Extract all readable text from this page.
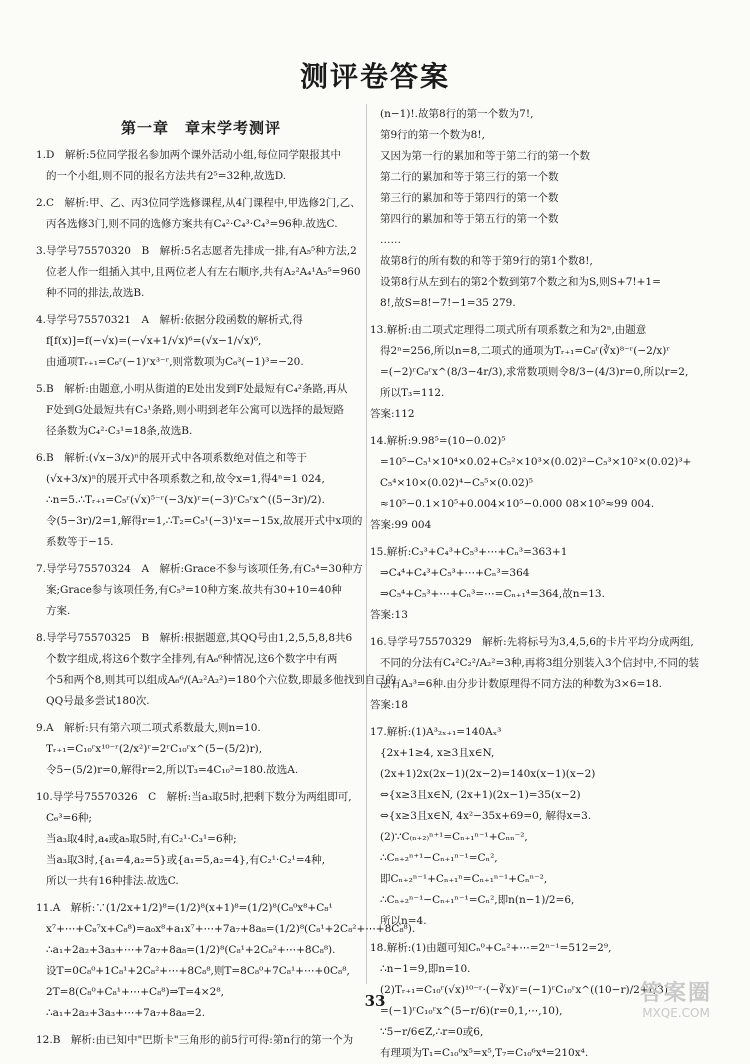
测评卷答案
第一章　章末学考测评
1.D　解析:5位同学报名参加两个课外活动小组,每位同学限报其中
的一个小组,则不同的报名方法共有2⁵=32种,故选D.
2.C　解析:甲、乙、丙3位同学选修课程,从4门课程中,甲选修2门,乙、
丙各选修3门,则不同的选修方案共有C₄²·C₄³·C₄³=96种.故选C.
3.导学号75570320　B　解析:5名志愿者先排成一排,有A₅⁵种方法,2
位老人作一组插入其中,且两位老人有左右顺序,共有A₂²A₄¹A₅⁵=960
种不同的排法,故选B.
4.导学号75570321　A　解析:依据分段函数的解析式,得
f[f(x)]=f(−√x)=(−√x+1/√x)⁶=(√x−1/√x)⁶,
由通项Tᵣ₊₁=C₆ʳ(−1)ʳx³⁻ʳ,则常数项为C₆³(−1)³=−20.
5.B　解析:由题意,小明从街道的E处出发到F处最短有C₄²条路,再从
F处到G处最短共有C₃¹条路,则小明到老年公寓可以选择的最短路
径条数为C₄²·C₃¹=18条,故选B.
6.B　解析:(√x−3/x)ⁿ的展开式中各项系数绝对值之和等于
(√x+3/x)ⁿ的展开式中各项系数之和,故令x=1,得4ⁿ=1 024,
∴n=5.∴Tᵣ₊₁=C₅ʳ(√x)⁵⁻ʳ(−3/x)ʳ=(−3)ʳC₅ʳx^((5−3r)/2).
令(5−3r)/2=1,解得r=1,∴T₂=C₅¹(−3)¹x=−15x,故展开式中x项的
系数等于−15.
7.导学号75570324　A　解析:Grace不参与该项任务,有C₅⁴=30种方
案;Grace参与该项任务,有C₅³=10种方案.故共有30+10=40种
方案.
8.导学号75570325　B　解析:根据题意,其QQ号由1,2,5,5,8,8共6
个数字组成,将这6个数字全排列,有A₆⁶种情况,这6个数字中有两
个5和两个8,则其可以组成A₆⁶/(A₂²A₂²)=180个六位数,即最多他找到自己的
QQ号最多尝试180次.
9.A　解析:只有第六项二项式系数最大,则n=10.
Tᵣ₊₁=C₁₀ʳx¹⁰⁻ʳ(2/x²)ʳ=2ʳC₁₀ʳx^(5−(5/2)r),
令5−(5/2)r=0,解得r=2,所以T₃=4C₁₀²=180.故选A.
10.导学号75570326　C　解析:当a₃取5时,把剩下数分为两组即可,
C₆³=6种;
当a₃取4时,a₄或a₅取5时,有C₂¹·C₃¹=6种;
当a₃取3时,{a₁=4,a₂=5}或{a₁=5,a₂=4},有C₂¹·C₂¹=4种,
所以一共有16种排法.故选C.
11.A　解析:∵(1/2x+1/2)⁸=(1/2)⁸(x+1)⁸=(1/2)⁸(C₈⁰x⁸+C₈¹
x⁷+⋯+C₈⁷x+C₈⁸)=a₀x⁸+a₁x⁷+⋯+7a₇+8a₈=(1/2)⁸(C₈¹+2C₈²+⋯+8C₈⁸).
∴a₁+2a₂+3a₃+⋯+7a₇+8a₈=(1/2)⁸(C₈¹+2C₈²+⋯+8C₈⁸).
设T=0C₈⁰+1C₈¹+2C₈²+⋯+8C₈⁸,则T=8C₈⁰+7C₈¹+⋯+0C₈⁸,
2T=8(C₈⁰+C₈¹+⋯+C₈⁸)⇒T=4×2⁸,
∴a₁+2a₂+3a₃+⋯+7a₇+8a₈=2.
12.B　解析:由已知中"巴斯卡"三角形的前5行可得:第n行的第一个为
(n−1)!.故第8行的第一个数为7!,
第9行的第一个数为8!,
又因为第一行的累加和等于第二行的第一个数
第二行的累加和等于第三行的第一个数
第三行的累加和等于第四行的第一个数
第四行的累加和等于第五行的第一个数
……
故第8行的所有数的和等于第9行的第1个数8!,
设第8行从左到右的第2个数到第7个数之和为S,则S+7!+1=
8!,故S=8!−7!−1=35 279.
13.解析:由二项式定理得二项式所有项系数之和为2ⁿ,由题意
得2ⁿ=256,所以n=8,二项式的通项为Tᵣ₊₁=C₈ʳ(∛x)⁸⁻ʳ(−2/x)ʳ
=(−2)ʳC₈ʳx^(8/3−4r/3),求常数项则令8/3−(4/3)r=0,所以r=2,
所以T₃=112.
答案:112
14.解析:9.98⁵=(10−0.02)⁵
=10⁵−C₅¹×10⁴×0.02+C₅²×10³×(0.02)²−C₅³×10²×(0.02)³+
C₅⁴×10×(0.02)⁴−C₅⁵×(0.02)⁵
≈10⁵−0.1×10⁵+0.004×10⁵−0.000 08×10⁵≈99 004.
答案:99 004
15.解析:C₃³+C₄³+C₅³+⋯+Cₙ³=363+1
⇒C₄⁴+C₄³+C₅³+⋯+Cₙ³=364
⇒C₅⁴+C₅³+⋯+Cₙ³=⋯=Cₙ₊₁⁴=364,故n=13.
答案:13
16.导学号75570329　解析:先将标号为3,4,5,6的卡片平均分成两组,
不同的分法有C₄²C₂²/A₂²=3种,再将3组分别装入3个信封中,不同的装
法有A₃³=6种.由分步计数原理得不同方法的种数为3×6=18.
答案:18
17.解析:(1)A³₂ₓ₊₁=140Aₓ³
{2x+1≥4, x≥3且x∈N,
(2x+1)2x(2x−1)(2x−2)=140x(x−1)(x−2)
⇔{x≥3且x∈N, (2x+1)(2x−1)=35(x−2)
⇔{x≥3且x∈N, 4x²−35x+69=0, 解得x=3.
(2)∵C₍ₙ₊₂₎ⁿ⁺¹=Cₙ₊₁ⁿ⁻¹+Cₙₙ⁻²,
∴Cₙ₊₂ⁿ⁺¹−Cₙ₊₁ⁿ⁻¹=Cₙ²,
即Cₙ₊₂ⁿ⁻¹+Cₙ₊₁ⁿ=Cₙ₊₁ⁿ⁻¹+Cₙⁿ⁻²,
∴Cₙ₊₂ⁿ⁻¹−Cₙ₊₁ⁿ⁻¹=Cₙ²,即n(n−1)/2=6,
所以n=4.
18.解析:(1)由题可知Cₙ⁰+Cₙ²+⋯=2ⁿ⁻¹=512=2⁹,
∴n−1=9,即n=10.
(2)Tᵣ₊₁=C₁₀ʳ(√x)¹⁰⁻ʳ·(−∛x)ʳ=(−1)ʳC₁₀ʳx^((10−r)/2+r/3)
=(−1)ʳC₁₀ʳx^(5−r/6)(r=0,1,⋯,10),
∵5−r/6∈Z,∴r=0或6,
有理项为T₁=C₁₀⁰x⁵=x⁵,T₇=C₁₀⁶x⁴=210x⁴.
33	答案圈
MXQE.COM
